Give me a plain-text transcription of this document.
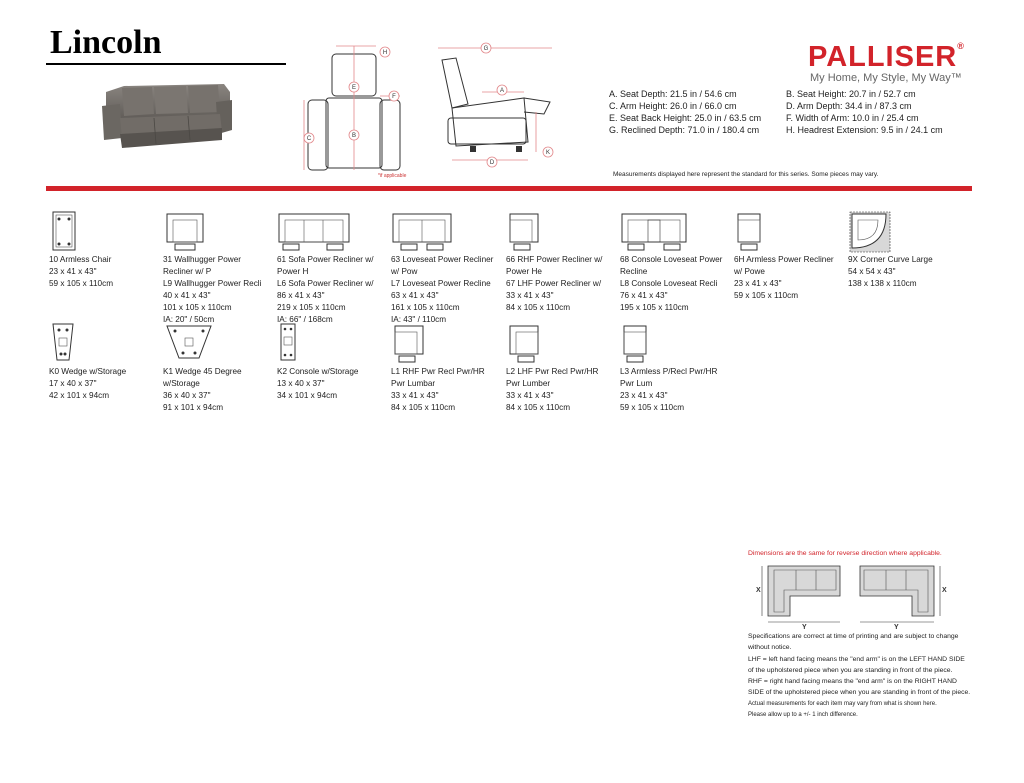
Lincoln	H
E
F
C	B
G
A
D
K
*if applicable
PALLISER®
My Home, My Style, My Way™
A. Seat Depth: 21.5 in / 54.6 cm
C. Arm Height: 26.0 in / 66.0 cm
E. Seat Back Height: 25.0 in / 63.5 cm
G. Reclined Depth: 71.0 in / 180.4 cm
B. Seat Height: 20.7 in / 52.7 cm
D. Arm Depth: 34.4 in / 87.3 cm
F. Width of Arm: 10.0 in / 25.4 cm
H. Headrest Extension: 9.5 in / 24.1 cm
Measurements displayed here represent the standard for this series. Some pieces may vary.
10 Armless Chair
23 x 41 x 43"
59 x 105 x 110cm
31 Wallhugger Power
Recliner w/ P
L9 Wallhugger Power Recli
40 x 41 x 43"
101 x 105 x 110cm
IA: 20" / 50cm
61 Sofa Power Recliner w/
Power H
L6 Sofa Power Recliner w/
86 x 41 x 43"
219 x 105 x 110cm
IA: 66" / 168cm
63 Loveseat Power Recliner
w/ Pow
L7 Loveseat Power Recline
63 x 41 x 43"
161 x 105 x 110cm
IA: 43" / 110cm
66 RHF Power Recliner w/
Power He
67 LHF Power Recliner w/
33 x 41 x 43"
84 x 105 x 110cm
68 Console Loveseat Power
Recline
L8 Console Loveseat Recli
76 x 41 x 43"
195 x 105 x 110cm
6H Armless Power Recliner
w/ Powe
23 x 41 x 43"
59 x 105 x 110cm
9X Corner Curve Large
54 x 54 x 43"
138 x 138 x 110cm
K0 Wedge w/Storage
17 x 40 x 37"
42 x 101 x 94cm
K1 Wedge 45 Degree
w/Storage
36 x 40 x 37"
91 x 101 x 94cm
K2 Console w/Storage
13 x 40 x 37"
34 x 101 x 94cm
L1 RHF Pwr Recl Pwr/HR
Pwr Lumbar
33 x 41 x 43"
84 x 105 x 110cm
L2 LHF Pwr Recl Pwr/HR
Pwr Lumber
33 x 41 x 43"
84 x 105 x 110cm
L3 Armless P/Recl Pwr/HR
Pwr Lum
23 x 41 x 43"
59 x 105 x 110cm
Dimensions are the same for reverse direction where applicable.
X
Y
X
Y
Specifications are correct at time of printing and are subject to change
without notice.
LHF = left hand facing means the "end arm" is on the LEFT HAND SIDE
of the upholstered piece when you are standing in front of the piece.
RHF = right hand facing means the "end arm" is on the RIGHT HAND
SIDE of the upholstered piece when you are standing in front of the piece.
Actual measurements for each item may vary from what is shown here.
Please allow up to a +/- 1 inch difference.
